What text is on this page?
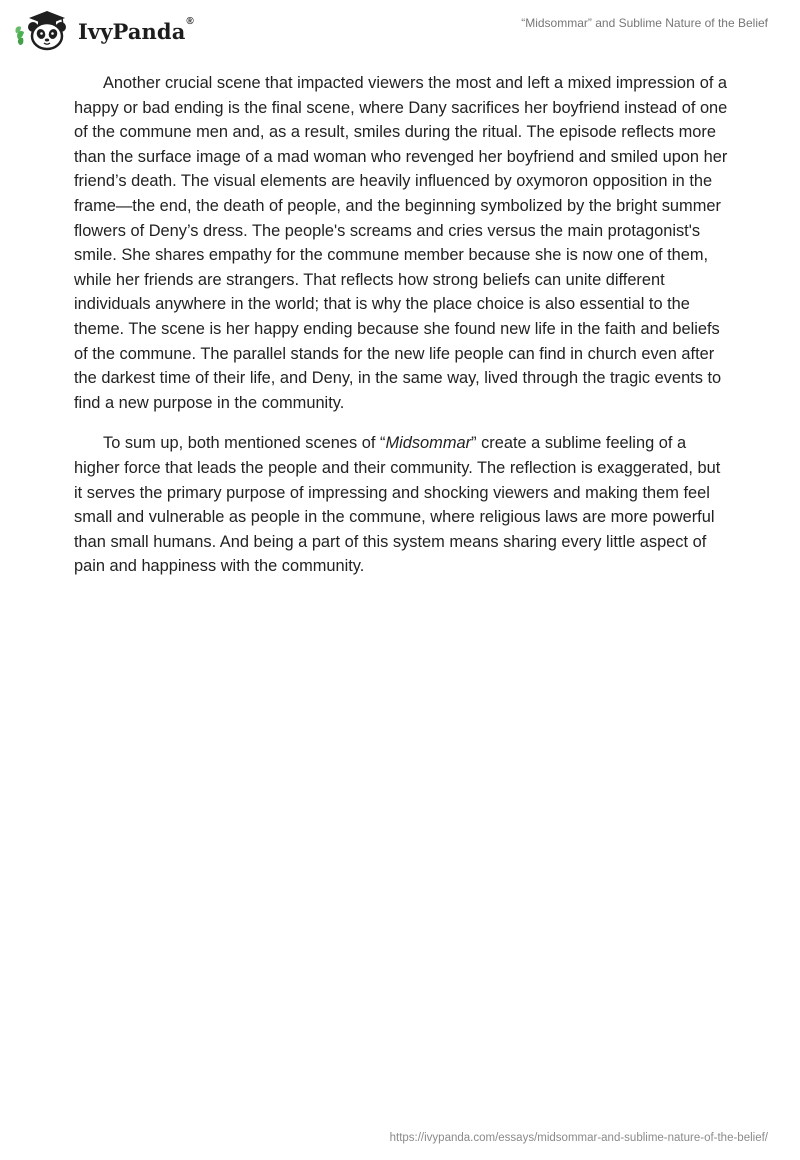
IvyPanda®	“Midsommar” and Sublime Nature of the Belief

Another crucial scene that impacted viewers the most and left a mixed impression of a happy or bad ending is the final scene, where Dany sacrifices her boyfriend instead of one of the commune men and, as a result, smiles during the ritual. The episode reflects more than the surface image of a mad woman who revenged her boyfriend and smiled upon her friend’s death. The visual elements are heavily influenced by oxymoron opposition in the frame—the end, the death of people, and the beginning symbolized by the bright summer flowers of Deny’s dress. The people's screams and cries versus the main protagonist's smile. She shares empathy for the commune member because she is now one of them, while her friends are strangers. That reflects how strong beliefs can unite different individuals anywhere in the world; that is why the place choice is also essential to the theme. The scene is her happy ending because she found new life in the faith and beliefs of the commune. The parallel stands for the new life people can find in church even after the darkest time of their life, and Deny, in the same way, lived through the tragic events to find a new purpose in the community.

To sum up, both mentioned scenes of “Midsommar” create a sublime feeling of a higher force that leads the people and their community. The reflection is exaggerated, but it serves the primary purpose of impressing and shocking viewers and making them feel small and vulnerable as people in the commune, where religious laws are more powerful than small humans. And being a part of this system means sharing every little aspect of pain and happiness with the community.

https://ivypanda.com/essays/midsommar-and-sublime-nature-of-the-belief/
